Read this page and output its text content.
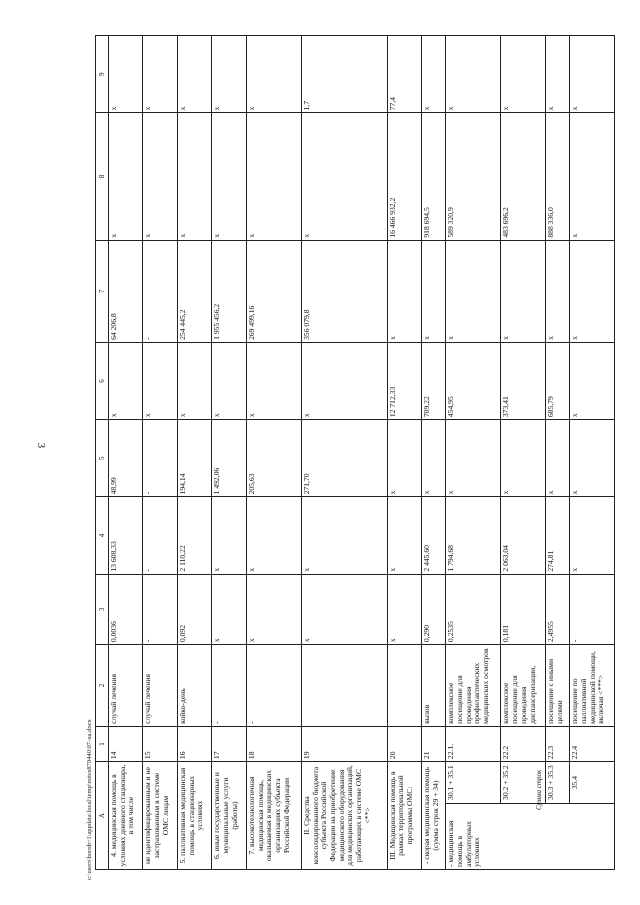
3
A		1	2	3	4	5	6	7	8	9
4. медицинская помощь в условиях дневного стационара, в том числе		14	случай лечения	0,0036	13 608,33	48,99	x	64 206,8	x	x
не идентифицированным и не застрахованным в системе ОМС лицам		15	случай лечения	-	-	-	x	-	x	x
5. паллиативная медицинская помощь в стационарных условиях		16	койко-день	0,092	2 110,22	194,14	x	254 445,2	x	x
6. иные государственные и муниципальные услуги (работы)		17	-	x	x	1 492,06	x	1 955 456,2	x	x
7. высокотехнологичная медицинская помощь, оказываемая в медицинских организациях субъекта Российской Федерации		18	-	x	x	205,63	x	269 499,16	x	x
II. Средства консолидированного бюджета субъекта Российской Федерации на приобретение медицинского оборудования для медицинских организаций, работающих в системе ОМС <**>		19		x	x	271,70	x	356 079,8	x	1,7
III. Медицинская помощь в рамках территориальной программы ОМС:		20		x	x	x	12 712,33	x	16 466 932,2	77,4
- скорая медицинская помощь (сумма строк 29 + 34)		21	вызов	0,290	2 445,60	x	709,22	x	918 694,5	x
- медицинская помощь в амбулаторных условиях	30.1 + 35.1	22.1.	комплексное посещение для проведения профилактических медицинских осмотров	0,2535	1 794,68	x	454,95	x	589 320,9	x
	30.2 + 35.2	22.2	комплексное посещение для проведения диспансеризации,	0,181	2 063,04	x	373,41	x	483 696,2	x
	30.3 + 35.3	22.3	посещение с иными целями	2,4955	274,81	x	685,79	x	888 336,0	x
	35.4	22.4	посещение по паллиативной медицинской помощи, включая <***>	-	x	x	x	x	x	x
Сумма строк
c:\users\borob~1\appdata\local\temp\notes879440\07-ua.docx
